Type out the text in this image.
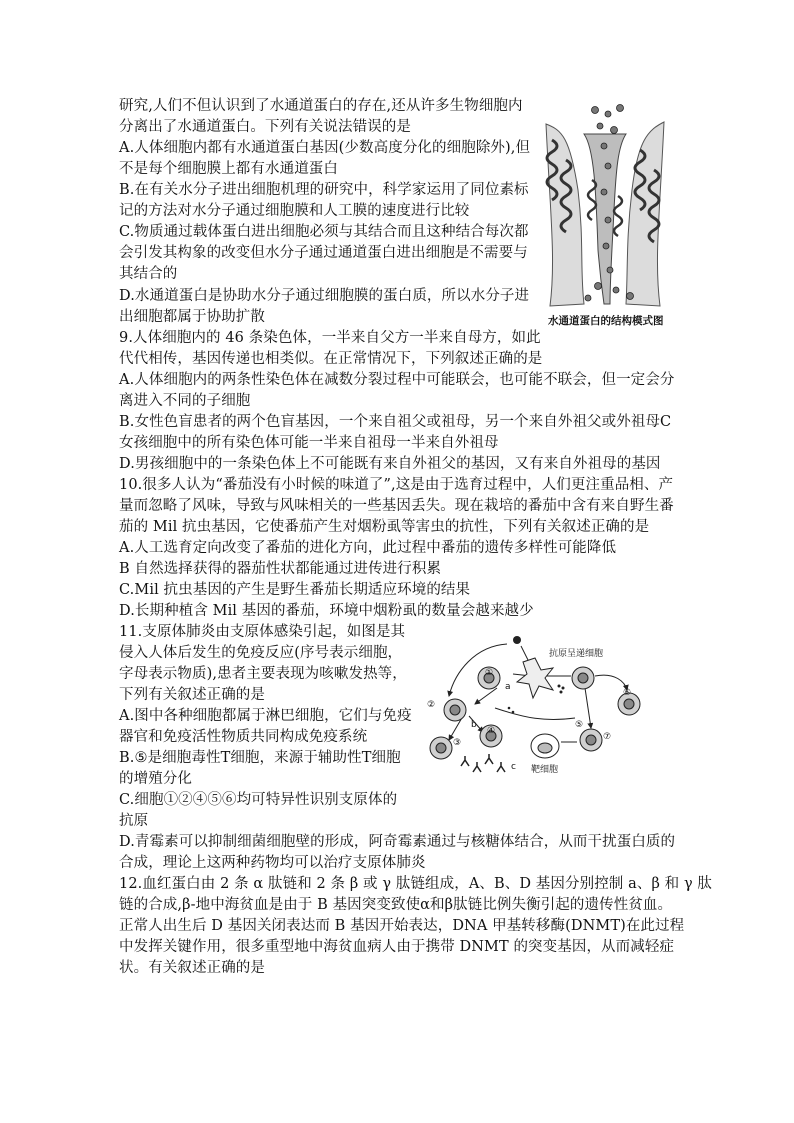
研究,人们不但认识到了水通道蛋白的存在,还从许多生物细胞内
分离出了水通道蛋白。下列有关说法错误的是
A.人体细胞内都有水通道蛋白基因(少数高度分化的细胞除外),但
不是每个细胞膜上都有水通道蛋白
B.在有关水分子进出细胞机理的研究中，科学家运用了同位素标
记的方法对水分子通过细胞膜和人工膜的速度进行比较
C.物质通过载体蛋白进出细胞必须与其结合而且这种结合每次都
会引发其构象的改变但水分子通过通道蛋白进出细胞是不需要与
其结合的
D.水通道蛋白是协助水分子通过细胞膜的蛋白质，所以水分子进
出细胞都属于协助扩散	水通道蛋白的结构模式图
9.人体细胞内的 46 条染色体，一半来自父方一半来自母方，如此
代代相传，基因传递也相类似。在正常情况下，下列叙述正确的是
A.人体细胞内的两条性染色体在减数分裂过程中可能联会，也可能不联会，但一定会分
离进入不同的子细胞
B.女性色盲患者的两个色盲基因，一个来自祖父或祖母，另一个来自外祖父或外祖母C
女孩细胞中的所有染色体可能一半来自祖母一半来自外祖母
D.男孩细胞中的一条染色体上不可能既有来自外祖父的基因，又有来自外祖母的基因
10.很多人认为“番茄没有小时候的味道了”,这是由于选育过程中，人们更注重品相、产
量而忽略了风味，导致与风味相关的一些基因丢失。现在栽培的番茄中含有来自野生番
茄的 Mil 抗虫基因，它使番茄产生对烟粉虱等害虫的抗性，下列有关叙述正确的是
A.人工选育定向改变了番茄的进化方向，此过程中番茄的遗传多样性可能降低
B 自然选择获得的器茄性状都能通过进传进行积累
C.Mil 抗虫基因的产生是野生番茄长期适应环境的结果
D.长期种植含 Mil 基因的番茄，环境中烟粉虱的数量会越来越少
11.支原体肺炎由支原体感染引起，如图是其
侵入人体后发生的免疫反应(序号表示细胞，
字母表示物质),患者主要表现为咳嗽发热等，
下列有关叙述正确的是
A.图中各种细胞都属于淋巴细胞，它们与免疫
器官和免疫活性物质共同构成免疫系统
B.⑤是细胞毒性T细胞，来源于辅助性T细胞
的增殖分化
C.细胞①②④⑤⑥均可特异性识别支原体的
抗原
D.青霉素可以抑制细菌细胞壁的形成，阿奇霉素通过与核糖体结合，从而干扰蛋白质的
合成，理论上这两种药物均可以治疗支原体肺炎
抗原呈递细胞
①
②
③
④
⑤
⑥
⑦
a
b
c 靶细胞
12.血红蛋白由 2 条 α 肽链和 2 条 β 或 γ 肽链组成，A、B、D 基因分别控制 a、β 和 γ 肽
链的合成,β-地中海贫血是由于 B 基因突变致使α和β肽链比例失衡引起的遗传性贫血。
正常人出生后 D 基因关闭表达而 B 基因开始表达，DNA 甲基转移酶(DNMT)在此过程
中发挥关键作用，很多重型地中海贫血病人由于携带 DNMT 的突变基因，从而减轻症
状。有关叙述正确的是
